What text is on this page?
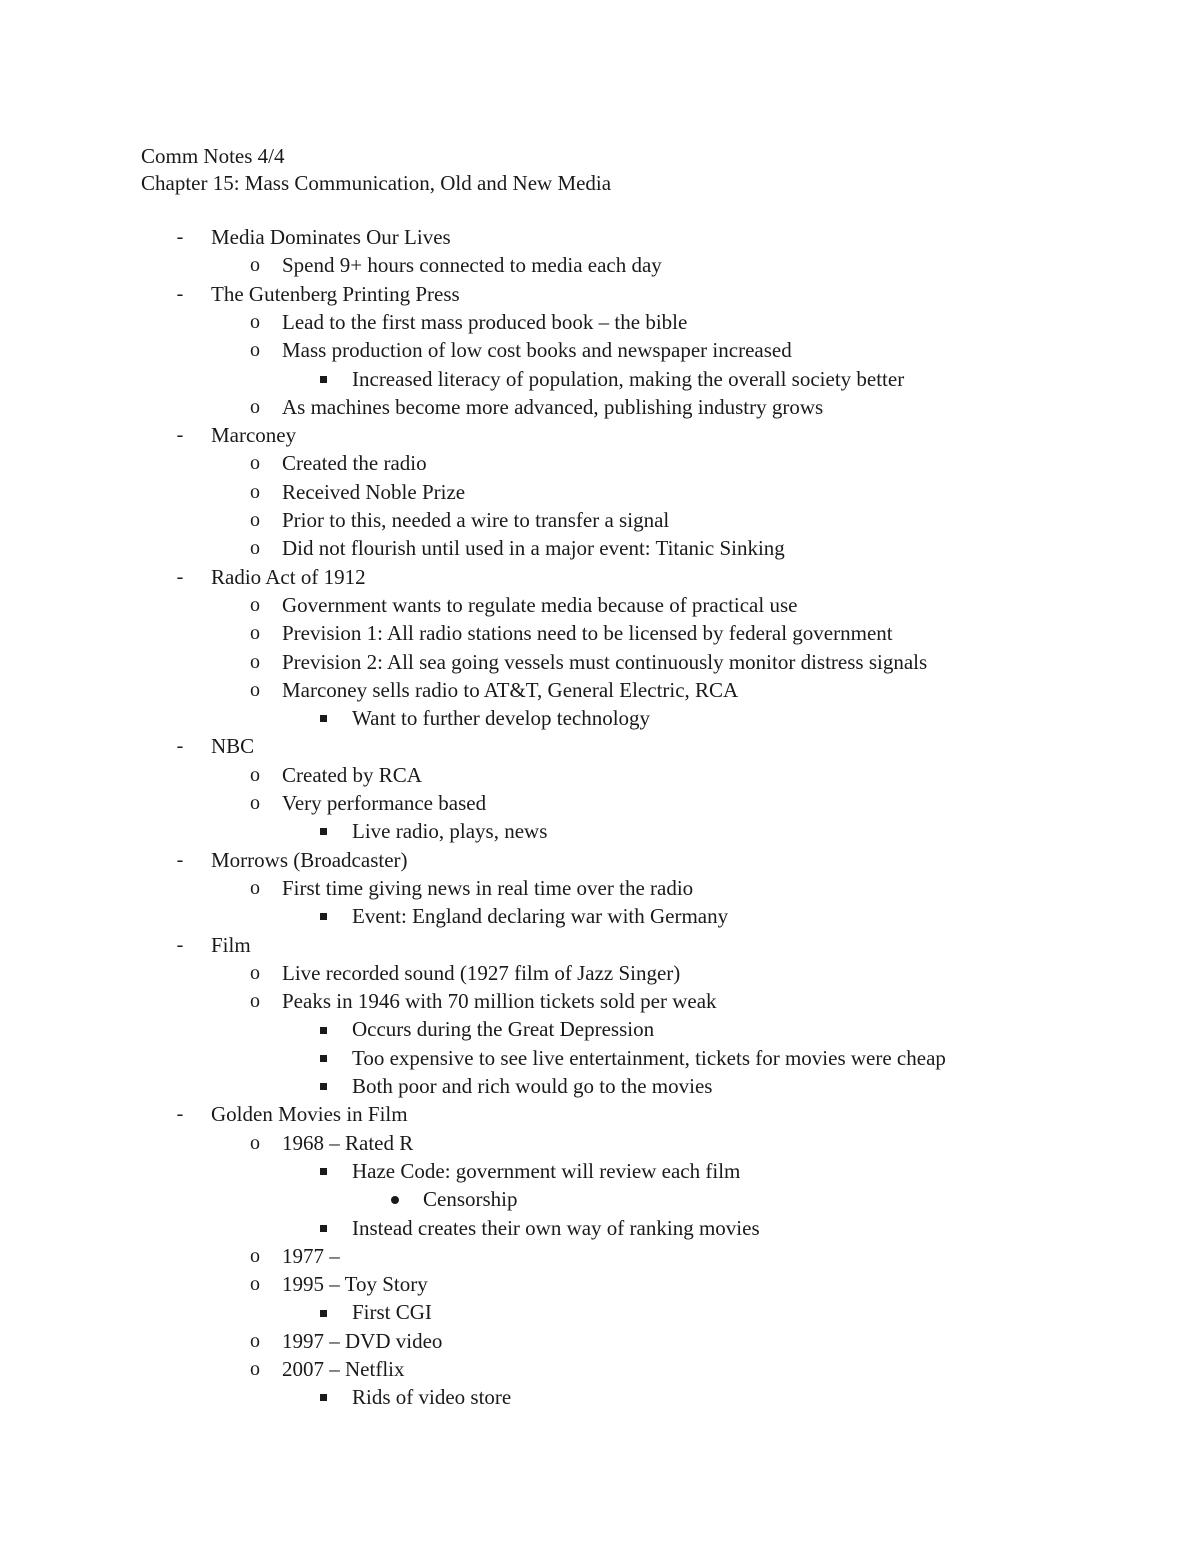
Comm Notes 4/4
Chapter 15: Mass Communication, Old and New Media
- Media Dominates Our Lives
o Spend 9+ hours connected to media each day
- The Gutenberg Printing Press
o Lead to the first mass produced book – the bible
o Mass production of low cost books and newspaper increased
Increased literacy of population, making the overall society better
o As machines become more advanced, publishing industry grows
- Marconey
o Created the radio
o Received Noble Prize
o Prior to this, needed a wire to transfer a signal
o Did not flourish until used in a major event: Titanic Sinking
- Radio Act of 1912
o Government wants to regulate media because of practical use
o Prevision 1: All radio stations need to be licensed by federal government
o Prevision 2: All sea going vessels must continuously monitor distress signals
o Marconey sells radio to AT&T, General Electric, RCA
Want to further develop technology
- NBC
o Created by RCA
o Very performance based
Live radio, plays, news
- Morrows (Broadcaster)
o First time giving news in real time over the radio
Event: England declaring war with Germany
- Film
o Live recorded sound (1927 film of Jazz Singer)
o Peaks in 1946 with 70 million tickets sold per weak
Occurs during the Great Depression
Too expensive to see live entertainment, tickets for movies were cheap
Both poor and rich would go to the movies
- Golden Movies in Film
o 1968 – Rated R
Haze Code: government will review each film
Censorship
Instead creates their own way of ranking movies
o 1977 –
o 1995 – Toy Story
First CGI
o 1997 – DVD video
o 2007 – Netflix
Rids of video store
